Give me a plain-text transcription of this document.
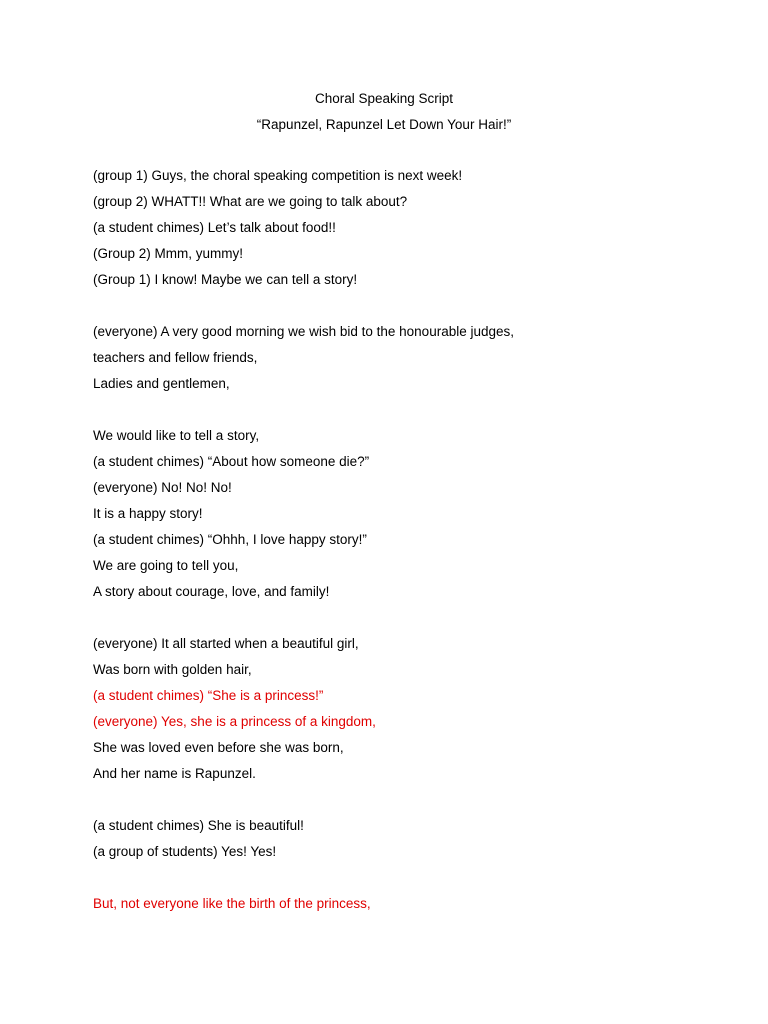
Choral Speaking Script
“Rapunzel, Rapunzel Let Down Your Hair!”
(group 1) Guys, the choral speaking competition is next week!
(group 2) WHATT!! What are we going to talk about?
(a student chimes) Let’s talk about food!!
(Group 2) Mmm, yummy!
(Group 1) I know! Maybe we can tell a story!
(everyone) A very good morning we wish bid to the honourable judges,
teachers and fellow friends,
Ladies and gentlemen,
We would like to tell a story,
(a student chimes) “About how someone die?”
(everyone) No! No! No!
It is a happy story!
(a student chimes) “Ohhh, I love happy story!”
We are going to tell you,
A story about courage, love, and family!
(everyone) It all started when a beautiful girl,
Was born with golden hair,
(a student chimes) “She is a princess!”
(everyone) Yes, she is a princess of a kingdom,
She was loved even before she was born,
And her name is Rapunzel.
(a student chimes) She is beautiful!
(a group of students) Yes! Yes!
But, not everyone like the birth of the princess,
